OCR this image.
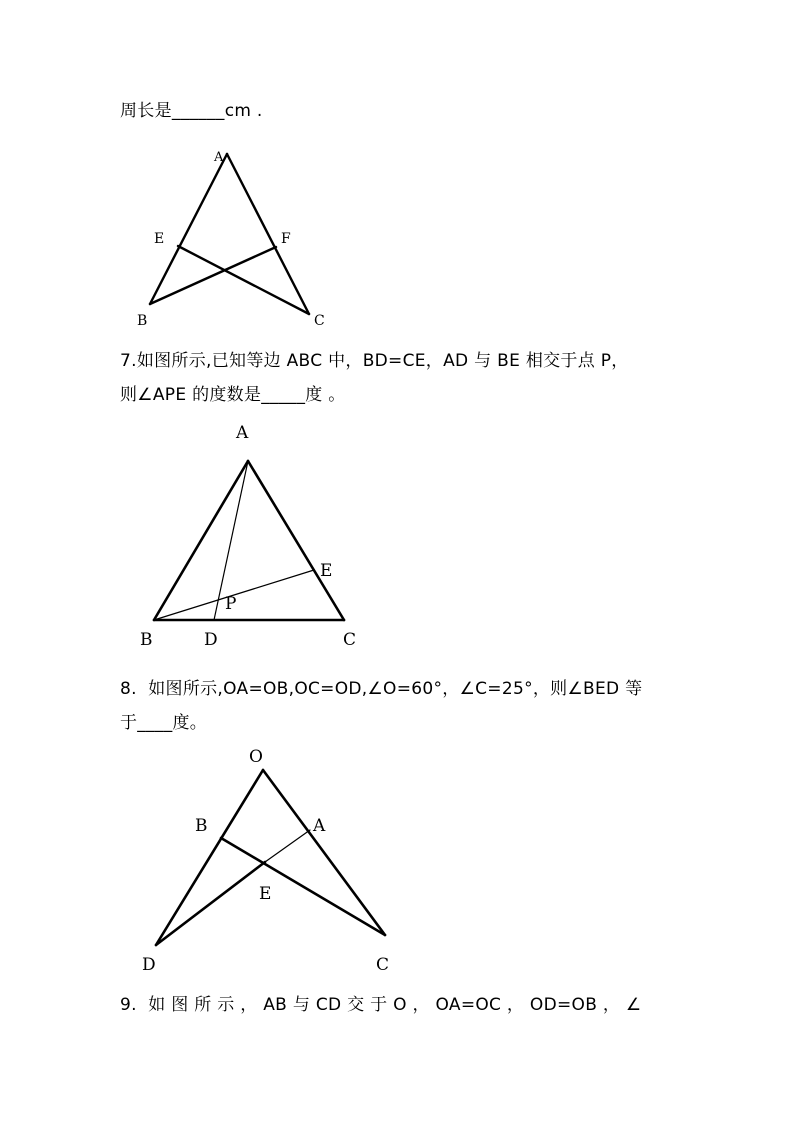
周长是______cm .
A
E	F
B	C
7.如图所示,已知等边 ABC 中，BD=CE，AD 与 BE 相交于点 P，
则∠APE 的度数是_____度 。
A
E
P
B	D	C
8.  如图所示,OA=OB,OC=OD,∠O=60°，∠C=25°，则∠BED 等
于____度。
O
B	A
E
D	C
9.  如 图 所 示 ， AB 与 CD 交 于 O ， OA=OC ， OD=OB ， ∠
